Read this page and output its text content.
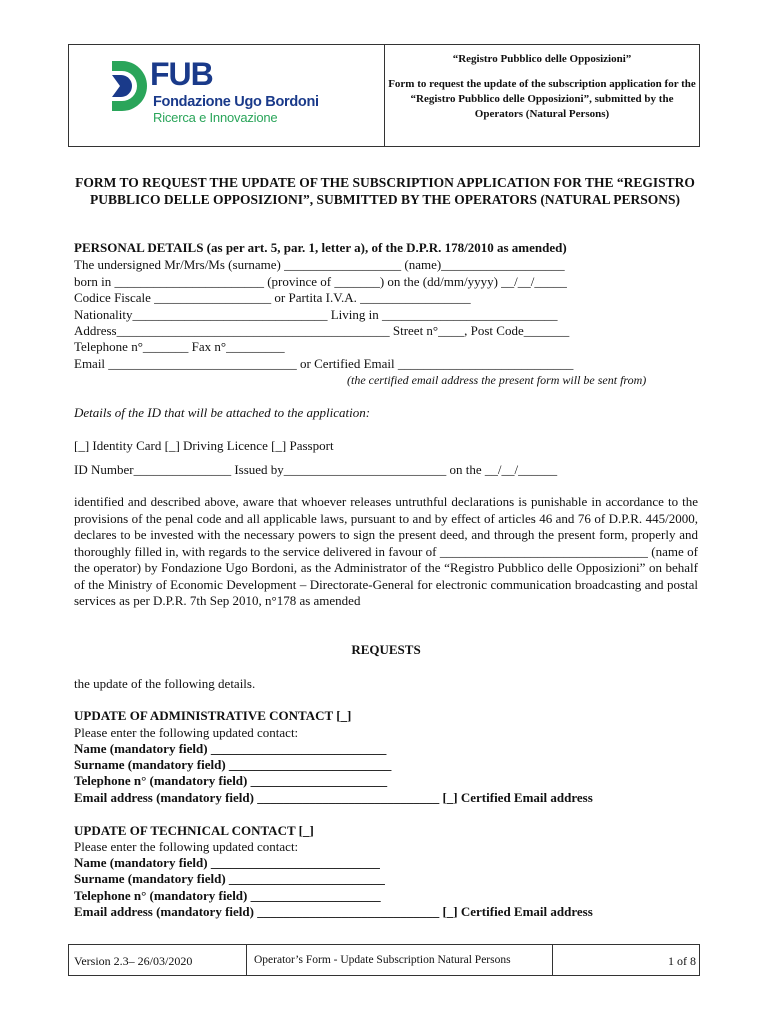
FUB
Fondazione Ugo Bordoni
Ricerca e Innovazione
“Registro Pubblico delle Opposizioni”
Form to request the update of the subscription application for the “Registro Pubblico delle Opposizioni”, submitted by the Operators (Natural Persons)
FORM TO REQUEST THE UPDATE OF THE SUBSCRIPTION APPLICATION FOR THE “REGISTRO PUBBLICO DELLE OPPOSIZIONI”, SUBMITTED BY THE OPERATORS (NATURAL PERSONS)
PERSONAL DETAILS (as per art. 5, par. 1, letter a), of the D.P.R. 178/2010 as amended)
The undersigned Mr/Mrs/Ms (surname) __________________ (name)___________________
born in _______________________ (province of _______) on the (dd/mm/yyyy) __/__/_____
Codice Fiscale __________________ or Partita I.V.A. _________________
Nationality______________________________ Living in ___________________________
Address__________________________________________ Street n°____, Post Code_______
Telephone n°_______ Fax n°_________
Email _____________________________ or Certified Email ___________________________
(the certified email address the present form will be sent from)
Details of the ID that will be attached to the application:
[_] Identity Card [_] Driving Licence [_] Passport
ID Number_______________ Issued by_________________________ on the __/__/______
identified and described above, aware that whoever releases untruthful declarations is punishable in accordance to the provisions of the penal code and all applicable laws, pursuant to and by effect of articles 46 and 76 of D.P.R. 445/2000, declares to be invested with the necessary powers to sign the present deed, and through the present form, properly and thoroughly filled in, with regards to the service delivered in favour of ________________________________ (name of the operator) by Fondazione Ugo Bordoni, as the Administrator of the “Registro Pubblico delle Opposizioni” on behalf of the Ministry of Economic Development – Directorate-General for electronic communication broadcasting and postal services as per D.P.R. 7th Sep 2010, n°178 as amended
REQUESTS
the update of the following details.
UPDATE OF ADMINISTRATIVE CONTACT [_]
Please enter the following updated contact:
Name (mandatory field) ___________________________
Surname (mandatory field) _________________________
Telephone n° (mandatory field) _____________________
Email address (mandatory field) ____________________________ [_] Certified Email address
UPDATE OF TECHNICAL CONTACT [_]
Please enter the following updated contact:
Name (mandatory field) __________________________
Surname (mandatory field) ________________________
Telephone n° (mandatory field) ____________________
Email address (mandatory field) ____________________________ [_] Certified Email address
Version 2.3– 26/03/2020	Operator’s Form - Update Subscription Natural Persons	1 of 8
